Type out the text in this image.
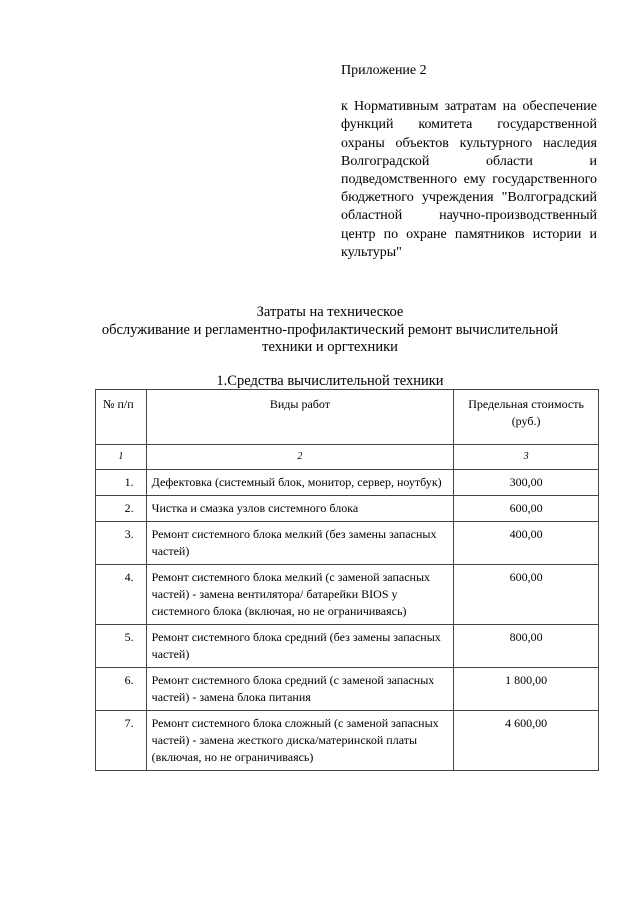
Приложение 2
к Нормативным затратам на обеспечение функций комитета государственной охраны объектов культурного наследия Волгоградской области и подведомственного ему государственного бюджетного учреждения "Волгоградский областной научно-производственный центр по охране памятников истории и культуры"
Затраты на техническое
обслуживание и регламентно-профилактический ремонт вычислительной
техники и оргтехники
1.Средства вычислительной техники
№ п/п	Виды работ	Предельная стоимость (руб.)
1	2	3
1.	Дефектовка (системный блок, монитор, сервер, ноутбук)	300,00
2.	Чистка и смазка узлов системного блока	600,00
3.	Ремонт системного блока мелкий (без замены запасных частей)	400,00
4.	Ремонт системного блока мелкий (с заменой запасных частей) - замена вентилятора/ батарейки BIOS у системного блока (включая, но не ограничиваясь)	600,00
5.	Ремонт системного блока средний (без замены запасных частей)	800,00
6.	Ремонт системного блока средний (с заменой запасных частей) - замена блока питания	1 800,00
7.	Ремонт системного блока сложный (с заменой запасных частей) - замена жесткого диска/материнской платы (включая, но не ограничиваясь)	4 600,00
